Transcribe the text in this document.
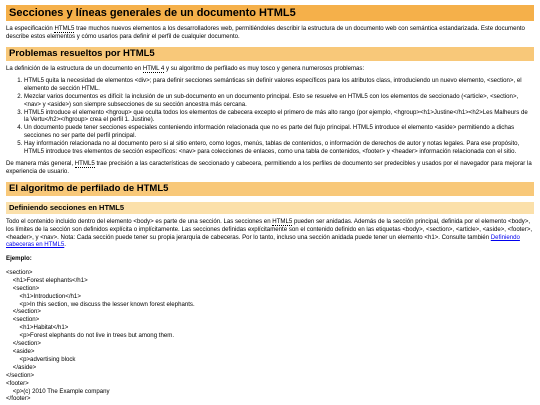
Secciones y líneas generales de un documento HTML5

La especificación HTML5 trae muchos nuevos elementos a los desarrolladores web, permitiéndoles describir la estructura de un documento web con semántica estandarizada. Este documento describe estos elementos y cómo usarlos para definir el perfil de cualquier documento.

Problemas resueltos por HTML5

La definición de la estructura de un documento en HTML 4 y su algoritmo de perfilado es muy tosco y genera numerosos problemas:

1. HTML5 quita la necesidad de elementos <div>; para definir secciones semánticas sin definir valores específicos para los atributos class, introduciendo un nuevo elemento, <section>, el elemento de sección HTML.
2. Mezclar varios documentos es difícil: la inclusión de un sub-documento en un documento principal. Esto se resuelve en HTML5 con los elementos de seccionado (<article>, <section>, <nav> y <aside>) son siempre subsecciones de su sección ancestra más cercana.
3. HTML5 introduce el elemento <hgroup> que oculta todos los elementos de cabecera excepto el primero de más alto rango (por ejemplo, <hgroup><h1>Justine</h1><h2>Les Malheurs de la Vertu</h2></hgroup> crea el perfil 1. Justine).
4. Un documento puede tener secciones especiales conteniendo información relacionada que no es parte del flujo principal. HTML5 introduce el elemento <aside> permitiendo a dichas secciones no ser parte del perfil principal.
5. Hay información relacionada no al documento pero si al sitio entero, como logos, menús, tablas de contenidos, o información de derechos de autor y notas legales. Para ese propósito, HTML5 introduce tres elementos de sección específicos: <nav> para colecciones de enlaces, como una tabla de contenidos, <footer> y <header> información relacionada con el sitio.

De manera más general, HTML5 trae precisión a las características de seccionado y cabecera, permitiendo a los perfiles de documento ser predecibles y usados por el navegador para mejorar la experiencia de usuario.

El algoritmo de perfilado de HTML5
Definiendo secciones en HTML5

Todo el contenido incluido dentro del elemento <body> es parte de una sección. Las secciones en HTML5 pueden ser anidadas. Además de la sección principal, definida por el elemento <body>, los límites de la sección son definidos explícita o implícitamente. Las secciones definidas explícitamente son el contenido definido en las etiquetas <body>, <section>, <article>, <aside>, <footer>, <header>, y <nav>. Nota: Cada sección puede tener su propia jerarquía de cabeceras. Por lo tanto, incluso una sección anidada puede tener un elemento <h1>. Consulte también Definiendo cabeceras en HTML5.

Ejemplo:
<section>
<h1>Forest elephants</h1>
<section>
<h1>Introduction</h1>
<p>In this section, we discuss the lesser known forest elephants.
</section>
<section>
<h1>Habitat</h1>
<p>Forest elephants do not live in trees but among them.
</section>
<aside>
<p>advertising block
</aside>
</section>
<footer>
<p>(c) 2010 The Example company
</footer>
